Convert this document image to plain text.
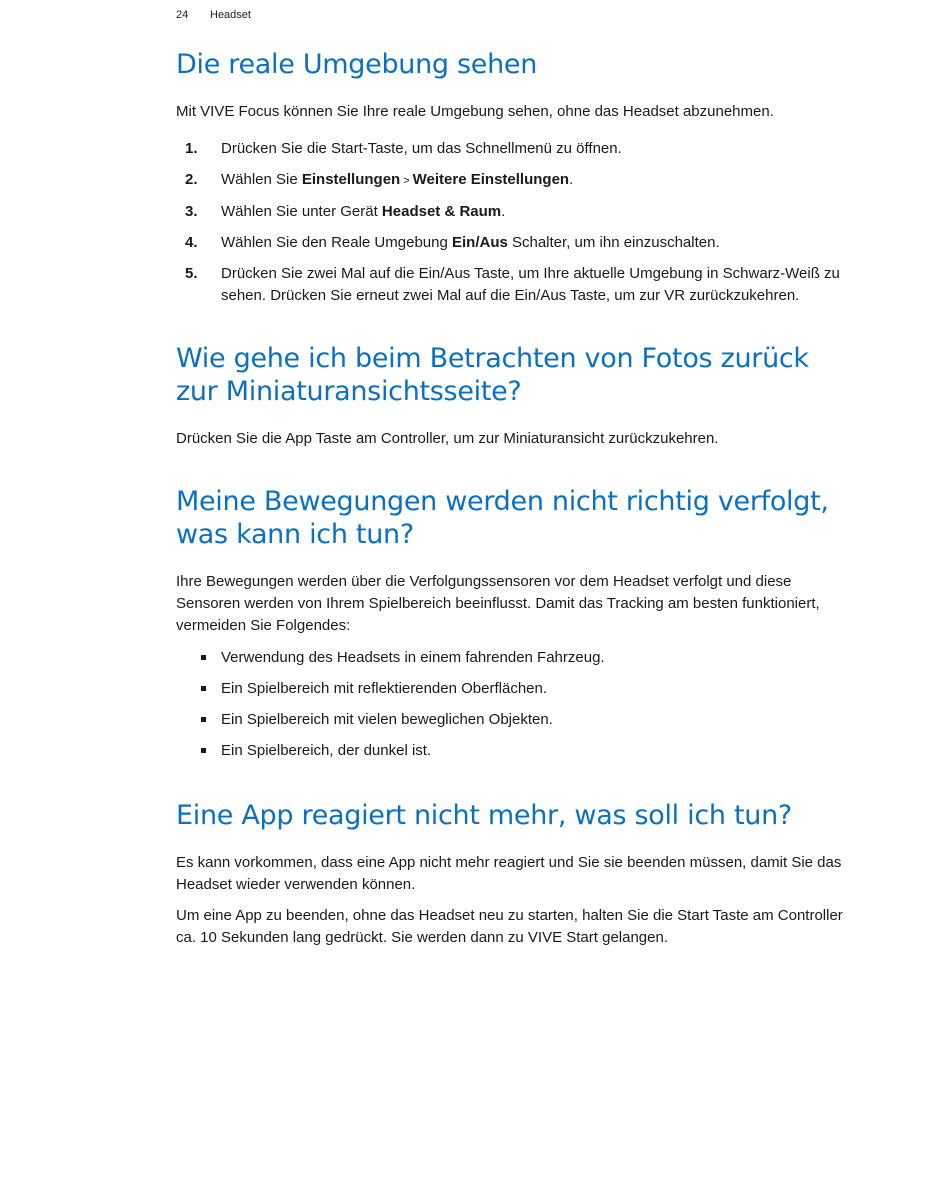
24 Headset
Die reale Umgebung sehen

Mit VIVE Focus können Sie Ihre reale Umgebung sehen, ohne das Headset abzunehmen.

1. Drücken Sie die Start-Taste, um das Schnellmenü zu öffnen.
2. Wählen Sie Einstellungen > Weitere Einstellungen.
3. Wählen Sie unter Gerät Headset & Raum.
4. Wählen Sie den Reale Umgebung Ein/Aus Schalter, um ihn einzuschalten.
5. Drücken Sie zwei Mal auf die Ein/Aus Taste, um Ihre aktuelle Umgebung in Schwarz-Weiß zu sehen. Drücken Sie erneut zwei Mal auf die Ein/Aus Taste, um zur VR zurückzukehren.
Wie gehe ich beim Betrachten von Fotos zurück zur Miniaturansichtsseite?

Drücken Sie die App Taste am Controller, um zur Miniaturansicht zurückzukehren.

Meine Bewegungen werden nicht richtig verfolgt, was kann ich tun?

Ihre Bewegungen werden über die Verfolgungssensoren vor dem Headset verfolgt und diese Sensoren werden von Ihrem Spielbereich beeinflusst. Damit das Tracking am besten funktioniert, vermeiden Sie Folgendes:

Verwendung des Headsets in einem fahrenden Fahrzeug.
Ein Spielbereich mit reflektierenden Oberflächen.
Ein Spielbereich mit vielen beweglichen Objekten.
Ein Spielbereich, der dunkel ist.
Eine App reagiert nicht mehr, was soll ich tun?

Es kann vorkommen, dass eine App nicht mehr reagiert und Sie sie beenden müssen, damit Sie das Headset wieder verwenden können.

Um eine App zu beenden, ohne das Headset neu zu starten, halten Sie die Start Taste am Controller ca. 10 Sekunden lang gedrückt. Sie werden dann zu VIVE Start gelangen.
